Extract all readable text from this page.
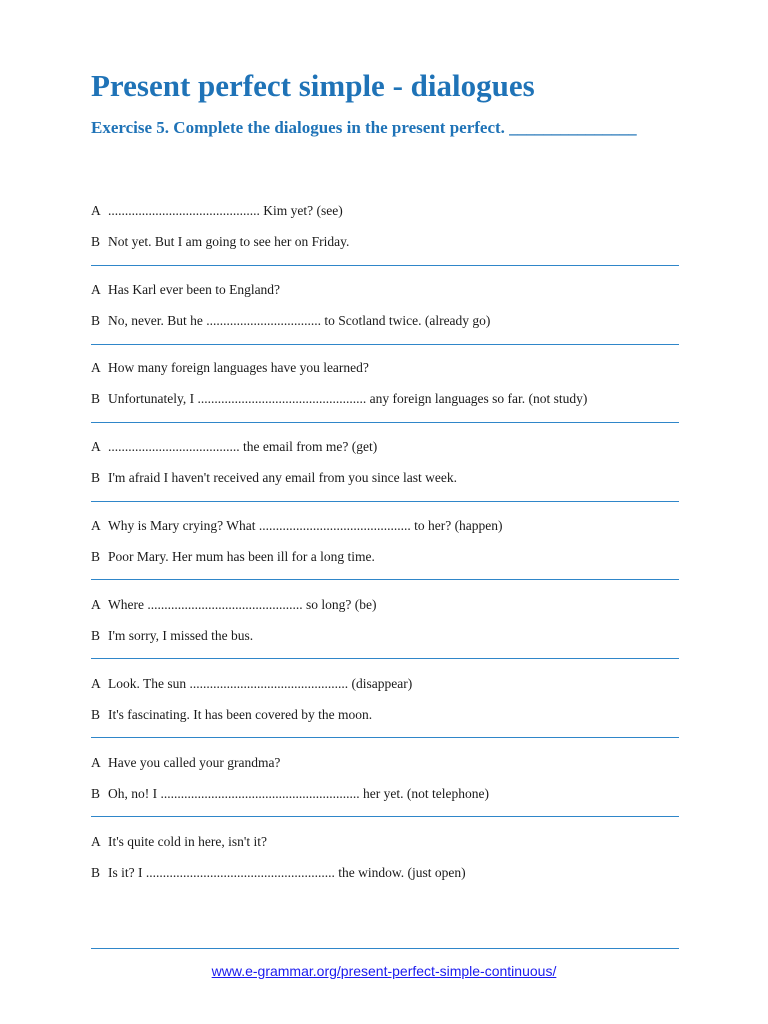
Present perfect simple - dialogues

Exercise 5. Complete the dialogues in the present perfect. _______________

A ............................................. Kim yet? (see)
B Not yet. But I am going to see her on Friday.
A Has Karl ever been to England?
B No, never. But he .................................. to Scotland twice. (already go)
A How many foreign languages have you learned?
B Unfortunately, I .................................................. any foreign languages so far. (not study)
A ....................................... the email from me? (get)
B I'm afraid I haven't received any email from you since last week.
A Why is Mary crying? What ............................................. to her? (happen)
B Poor Mary. Her mum has been ill for a long time.
A Where .............................................. so long? (be)
B I'm sorry, I missed the bus.
A Look. The sun ............................................... (disappear)
B It's fascinating. It has been covered by the moon.
A Have you called your grandma?
B Oh, no! I ........................................................... her yet. (not telephone)
A It's quite cold in here, isn't it?
B Is it? I ........................................................ the window. (just open)
www.e-grammar.org/present-perfect-simple-continuous/
